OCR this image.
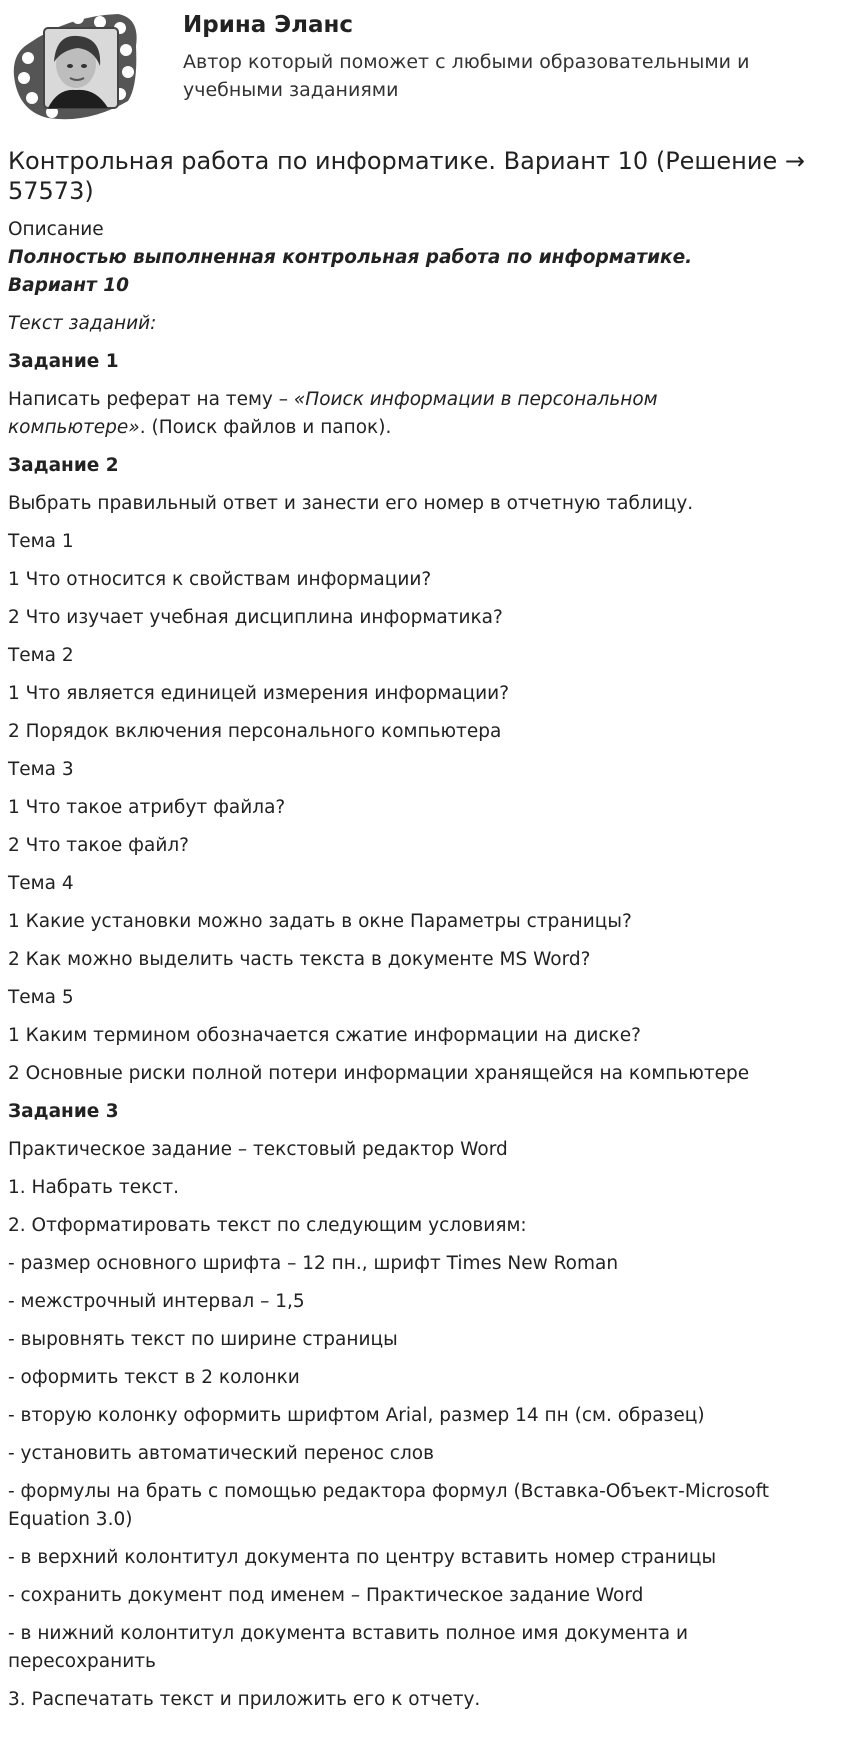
Ирина Эланс
Автор который поможет с любыми образовательными и учебными заданиями
Контрольная работа по информатике. Вариант 10 (Решение → 57573)

Описание

Полностью выполненная контрольная работа по информатике. Вариант 10

Текст заданий:

Задание 1

Написать реферат на тему – «Поиск информации в персональном компьютере». (Поиск файлов и папок).

Задание 2

Выбрать правильный ответ и занести его номер в отчетную таблицу.

Тема 1

1 Что относится к свойствам информации?

2 Что изучает учебная дисциплина информатика?

Тема 2

1 Что является единицей измерения информации?

2 Порядок включения персонального компьютера

Тема 3

1 Что такое атрибут файла?

2 Что такое файл?

Тема 4

1 Какие установки можно задать в окне Параметры страницы?

2 Как можно выделить часть текста в документе MS Word?

Тема 5

1 Каким термином обозначается сжатие информации на диске?

2 Основные риски полной потери информации хранящейся на компьютере

Задание 3

Практическое задание – текстовый редактор Word

1. Набрать текст.

2. Отформатировать текст по следующим условиям:

- размер основного шрифта – 12 пн., шрифт Times New Roman

- межстрочный интервал – 1,5

- выровнять текст по ширине страницы

- оформить текст в 2 колонки

- вторую колонку оформить шрифтом Arial, размер 14 пн (см. образец)

- установить автоматический перенос слов

- формулы на брать с помощью редактора формул (Вставка-Объект-Microsoft Equation 3.0)

- в верхний колонтитул документа по центру вставить номер страницы

- сохранить документ под именем – Практическое задание Word

- в нижний колонтитул документа вставить полное имя документа и пересохранить

3. Распечатать текст и приложить его к отчету.
